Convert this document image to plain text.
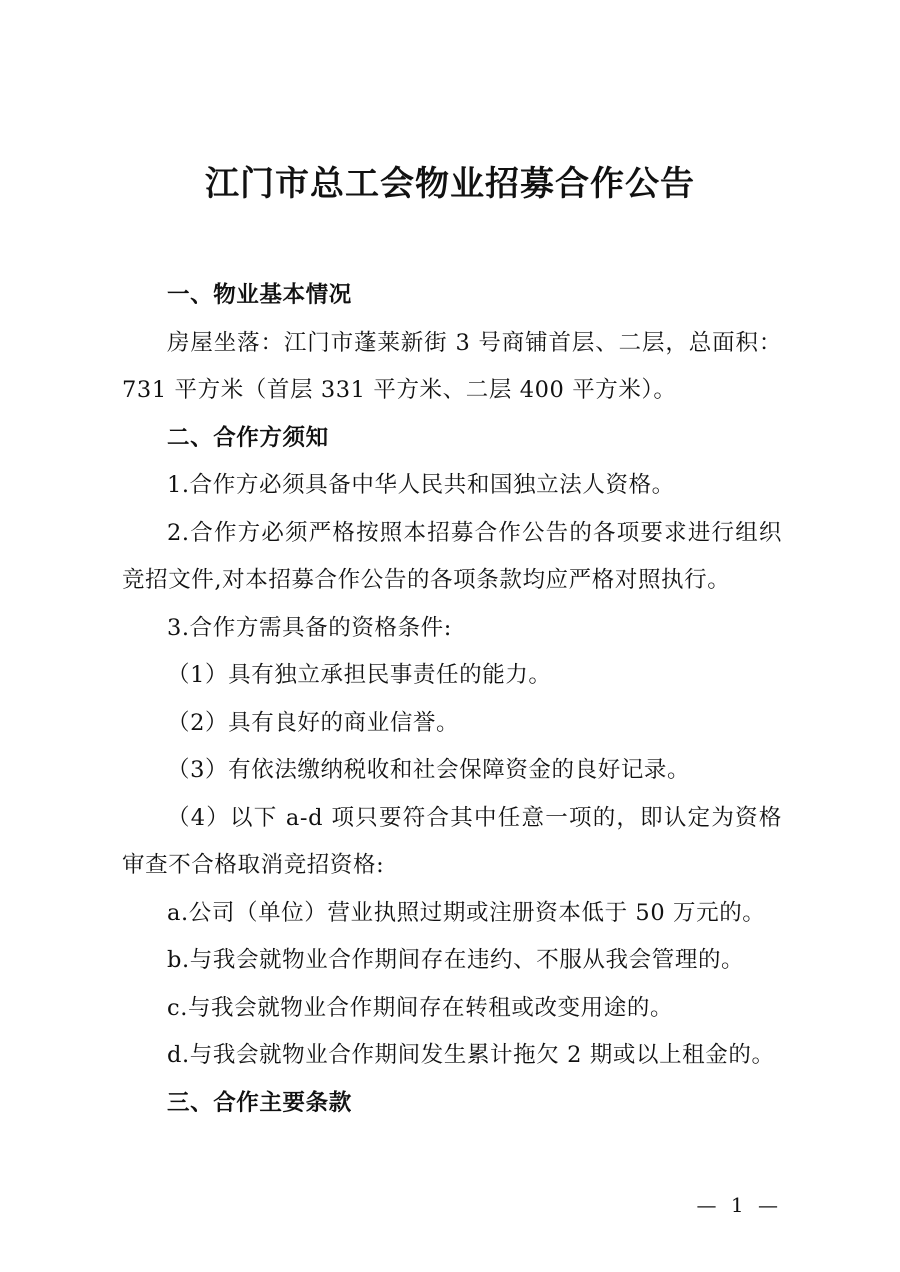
江门市总工会物业招募合作公告

一、物业基本情况

房屋坐落：江门市蓬莱新街 3 号商铺首层、二层，总面积：731 平方米（首层 331 平方米、二层 400 平方米）。

二、合作方须知

1.合作方必须具备中华人民共和国独立法人资格。

2.合作方必须严格按照本招募合作公告的各项要求进行组织竞招文件,对本招募合作公告的各项条款均应严格对照执行。

3.合作方需具备的资格条件:

（1）具有独立承担民事责任的能力。

（2）具有良好的商业信誉。

（3）有依法缴纳税收和社会保障资金的良好记录。

（4）以下 a-d 项只要符合其中任意一项的，即认定为资格审查不合格取消竞招资格:

a.公司（单位）营业执照过期或注册资本低于 50 万元的。

b.与我会就物业合作期间存在违约、不服从我会管理的。

c.与我会就物业合作期间存在转租或改变用途的。

d.与我会就物业合作期间发生累计拖欠 2 期或以上租金的。

三、合作主要条款

— 1 —
